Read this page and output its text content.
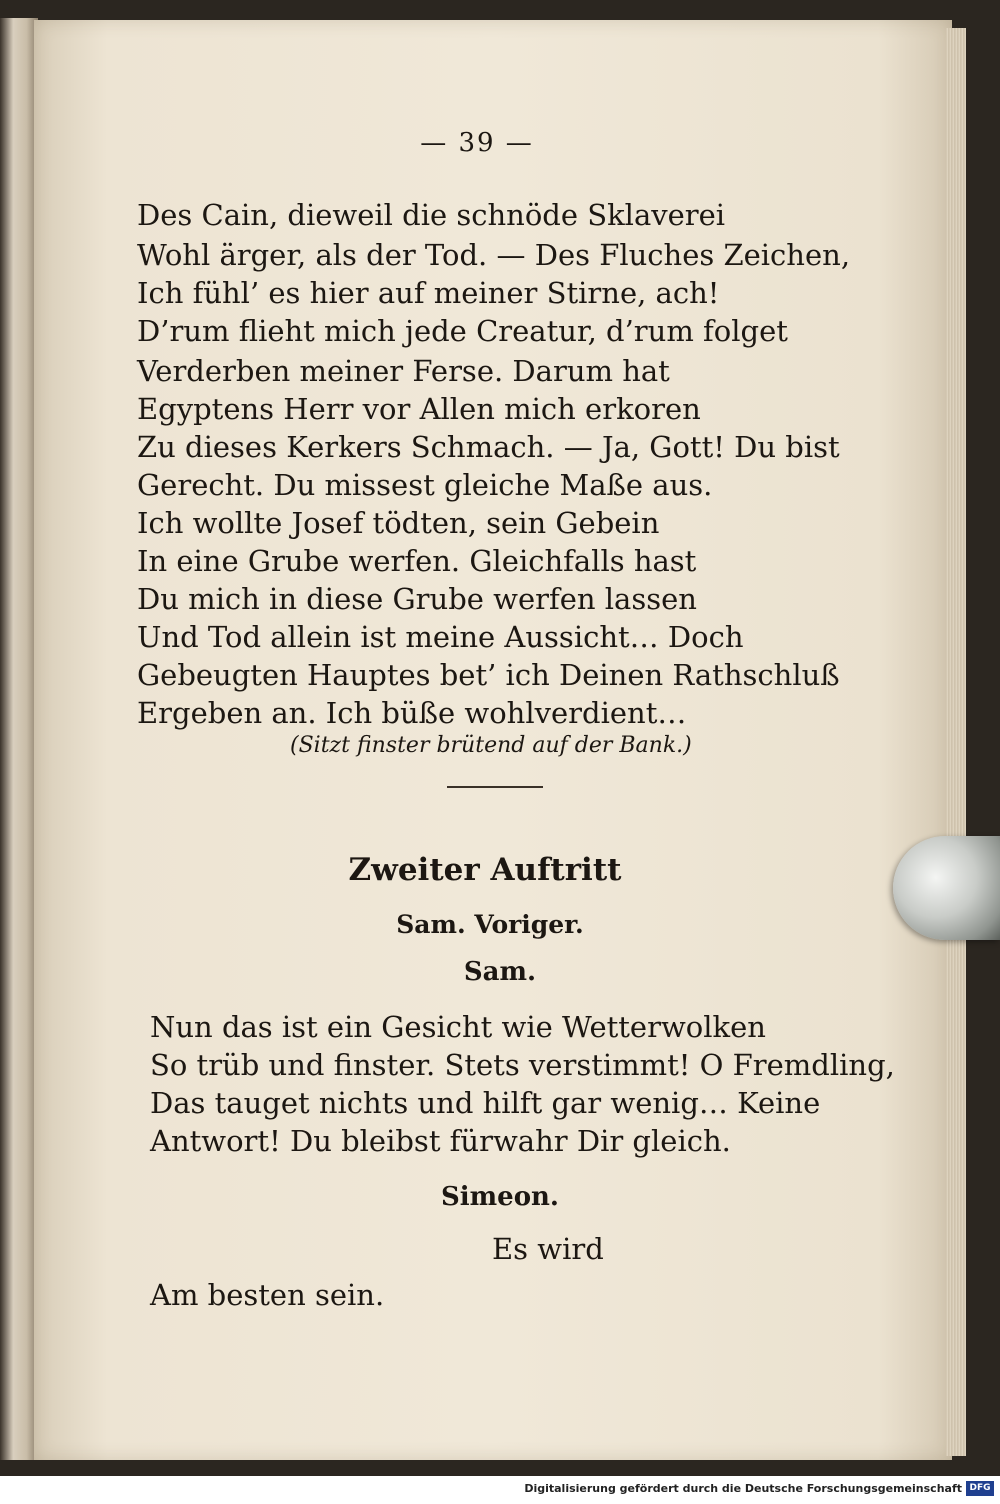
— 39 —
Des Cain, dieweil die schnöde Sklaverei
Wohl ärger, als der Tod. — Des Fluches Zeichen,
Ich fühl’ es hier auf meiner Stirne, ach!
D’rum flieht mich jede Creatur, d’rum folget
Verderben meiner Ferse. Darum hat
Egyptens Herr vor Allen mich erkoren
Zu dieses Kerkers Schmach. — Ja, Gott! Du bist
Gerecht. Du missest gleiche Maße aus.
Ich wollte Josef tödten, sein Gebein
In eine Grube werfen. Gleichfalls hast
Du mich in diese Grube werfen lassen
Und Tod allein ist meine Aussicht… Doch
Gebeugten Hauptes bet’ ich Deinen Rathschluß
Ergeben an. Ich büße wohlverdient…
(Sitzt finster brütend auf der Bank.)
Zweiter Auftritt
Sam. Voriger.
Sam.
Nun das ist ein Gesicht wie Wetterwolken
So trüb und finster. Stets verstimmt! O Fremdling,
Das tauget nichts und hilft gar wenig… Keine
Antwort! Du bleibst fürwahr Dir gleich.
Simeon.
Es wird
Am besten sein.
Digitalisierung gefördert durch die Deutsche Forschungsgemeinschaft DFG
